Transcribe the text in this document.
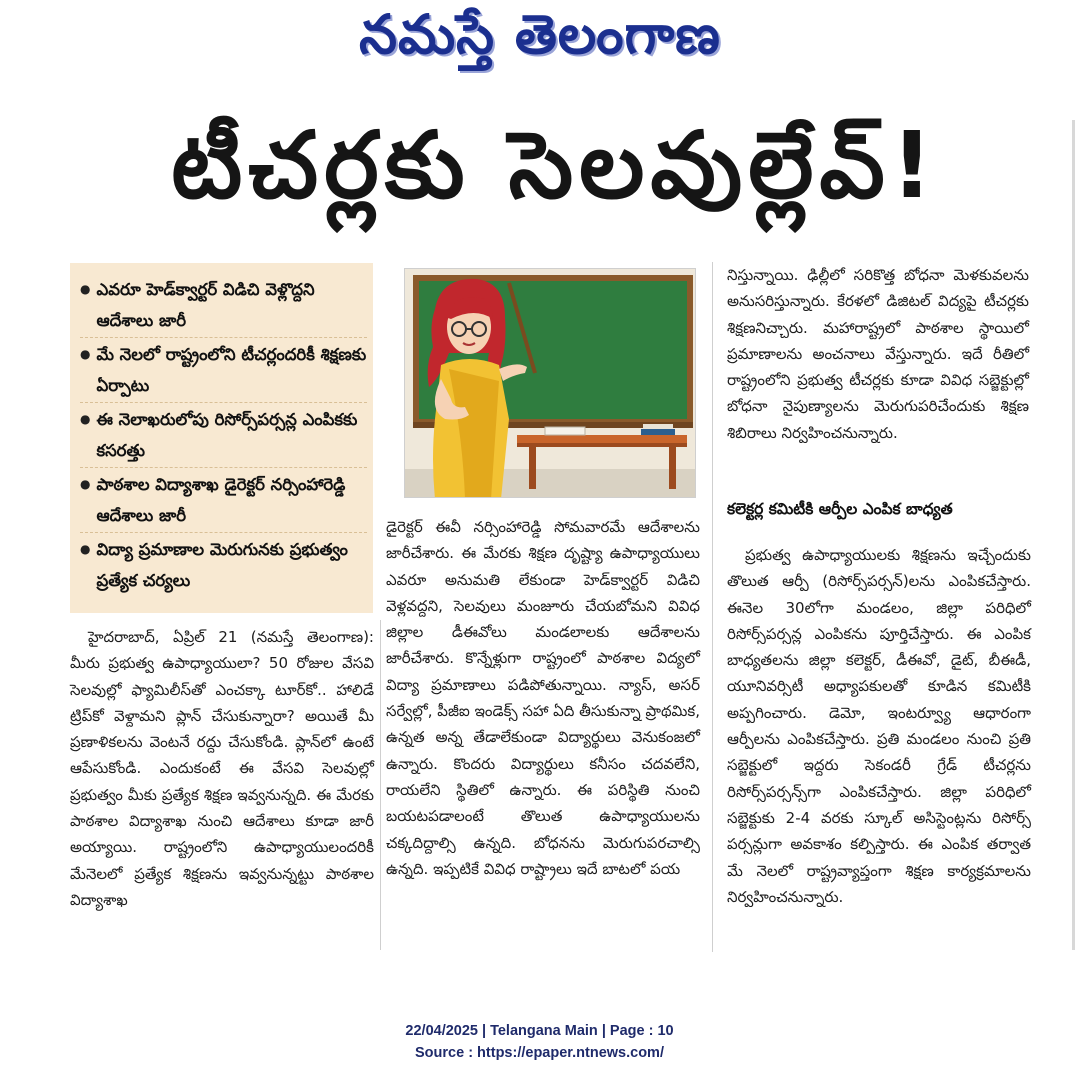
నమస్తే తెలంగాణ
టీచర్లకు సెలవుల్లేవ్‌!
● ఎవరూ హెడ్‌క్వార్టర్‌ విడిచి వెళ్లొద్దని ఆదేశాలు జారీ
● మే నెలలో రాష్ట్రంలోని టీచర్లందరికీ శిక్షణకు ఏర్పాటు
● ఈ నెలాఖరులోపు రిసోర్స్‌పర్సన్ల ఎంపికకు కసరత్తు
● పాఠశాల విద్యాశాఖ డైరెక్టర్‌ నర్సింహారెడ్డి ఆదేశాలు జారీ
● విద్యా ప్రమాణాల మెరుగునకు ప్రభుత్వం ప్రత్యేక చర్యలు

హైదరాబాద్‌, ఏప్రిల్‌ 21 (నమస్తే తెలంగాణ): మీరు ప్రభుత్వ ఉపాధ్యాయులా? 50 రోజుల వేసవి సెలవుల్లో ఫ్యామిలీస్‌తో ఎంచక్కా టూర్‌కో.. హాలిడే ట్రిప్‌కో వెళ్దామని ప్లాన్‌ చేసుకున్నారా? అయితే మీ ప్రణాళికలను వెంటనే రద్దు చేసుకోండి. ప్లాన్‌లో ఉంటే ఆపేసుకోండి. ఎందుకంటే ఈ వేసవి సెలవుల్లో ప్రభుత్వం మీకు ప్రత్యేక శిక్షణ ఇవ్వనున్నది. ఈ మేరకు పాఠశాల విద్యాశాఖ నుంచి ఆదేశాలు కూడా జారీ అయ్యాయి. రాష్ట్రంలోని ఉపాధ్యాయులందరికీ మేనెలలో ప్రత్యేక శిక్షణను ఇవ్వనున్నట్టు పాఠశాల విద్యాశాఖ

డైరెక్టర్‌ ఈవీ నర్సింహారెడ్డి సోమవారమే ఆదేశాలను జారీచేశారు. ఈ మేరకు శిక్షణ దృష్ట్యా ఉపాధ్యాయులు ఎవరూ అనుమతి లేకుండా హెడ్‌క్వార్టర్‌ విడిచి వెళ్లవద్దని, సెలవులు మంజూరు చేయబోమని వివిధ జిల్లాల డీఈవోలు మండలాలకు ఆదేశాలను జారీచేశారు. కొన్నేళ్లుగా రాష్ట్రంలో పాఠశాల విద్యలో విద్యా ప్రమాణాలు పడిపోతున్నాయి. న్యాస్‌, అసర్‌ సర్వేల్లో, పీజీఐ ఇండెక్స్‌ సహా ఏది తీసుకున్నా ప్రాథమిక, ఉన్నత అన్న తేడాలేకుండా విద్యార్థులు వెనుకంజలో ఉన్నారు. కొందరు విద్యార్థులు కనీసం చదవలేని, రాయలేని స్థితిలో ఉన్నారు. ఈ పరిస్థితి నుంచి బయటపడాలంటే తొలుత ఉపాధ్యాయులను చక్కదిద్దాల్సి ఉన్నది. బోధనను మెరుగుపరచాల్సి ఉన్నది. ఇప్పటికే వివిధ రాష్ట్రాలు ఇదే బాటలో పయ

నిస్తున్నాయి. ఢిల్లీలో సరికొత్త బోధనా మెళకువలను అనుసరిస్తున్నారు. కేరళలో డిజిటల్‌ విద్యపై టీచర్లకు శిక్షణనిచ్చారు. మహారాష్ట్రలో పాఠశాల స్థాయిలో ప్రమాణాలను అంచనాలు వేస్తున్నారు. ఇదే రీతిలో రాష్ట్రంలోని ప్రభుత్వ టీచర్లకు కూడా వివిధ సబ్జెక్టుల్లో బోధనా నైపుణ్యాలను మెరుగుపరిచేందుకు శిక్షణ శిబిరాలు నిర్వహించనున్నారు.

కలెక్టర్ల కమిటీకి ఆర్పీల ఎంపిక బాధ్యత

ప్రభుత్వ ఉపాధ్యాయులకు శిక్షణను ఇచ్చేందుకు తొలుత ఆర్పీ (రిసోర్స్‌పర్సన్‌)లను ఎంపికచేస్తారు. ఈనెల 30లోగా మండలం, జిల్లా పరిధిలో రిసోర్స్‌పర్సన్ల ఎంపికను పూర్తిచేస్తారు. ఈ ఎంపిక బాధ్యతలను జిల్లా కలెక్టర్‌, డీఈవో, డైట్‌, బీఈడీ, యూనివర్సిటీ అధ్యాపకులతో కూడిన కమిటీకి అప్పగించారు. డెమో, ఇంటర్వ్యూ ఆధారంగా ఆర్పీలను ఎంపికచేస్తారు. ప్రతి మండలం నుంచి ప్రతి సబ్జెక్టులో ఇద్దరు సెకండరీ గ్రేడ్‌ టీచర్లను రిసోర్స్‌పర్సన్స్‌గా ఎంపికచేస్తారు. జిల్లా పరిధిలో సబ్జెక్టుకు 2-4 వరకు స్కూల్‌ అసిస్టెంట్లను రిసోర్స్‌ పర్సన్లుగా అవకాశం కల్పిస్తారు. ఈ ఎంపిక తర్వాత మే నెలలో రాష్ట్రవ్యాప్తంగా శిక్షణ కార్యక్రమాలను నిర్వహించనున్నారు.

22/04/2025 | Telangana Main | Page : 10
Source : https://epaper.ntnews.com/
